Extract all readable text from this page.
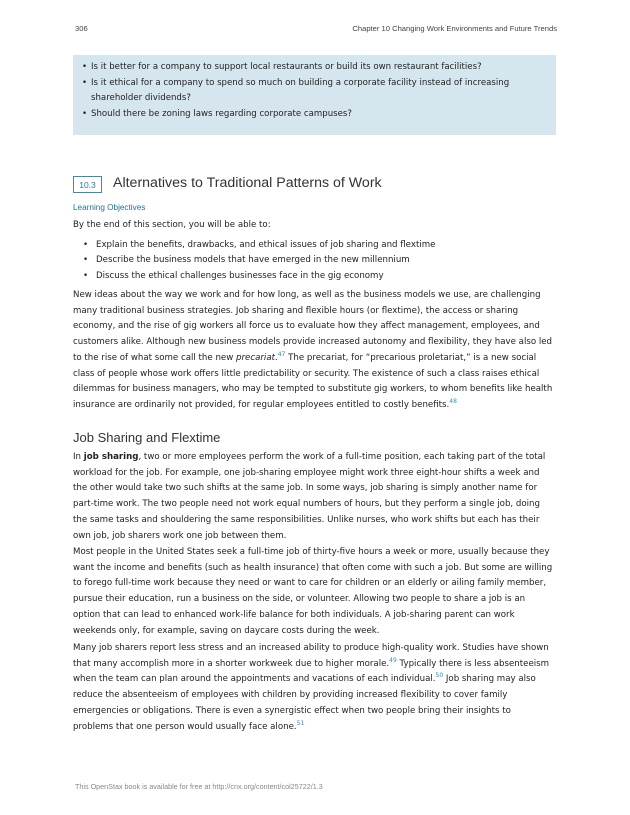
306	Chapter 10 Changing Work Environments and Future Trends
• Is it better for a company to support local restaurants or build its own restaurant facilities?
• Is it ethical for a company to spend so much on building a corporate facility instead of increasing
shareholder dividends?
• Should there be zoning laws regarding corporate campuses?
10.3	Alternatives to Traditional Patterns of Work
Learning Objectives
By the end of this section, you will be able to:
• Explain the benefits, drawbacks, and ethical issues of job sharing and flextime
• Describe the business models that have emerged in the new millennium
• Discuss the ethical challenges businesses face in the gig economy
New ideas about the way we work and for how long, as well as the business models we use, are challenging
many traditional business strategies. Job sharing and flexible hours (or flextime), the access or sharing
economy, and the rise of gig workers all force us to evaluate how they affect management, employees, and
customers alike. Although new business models provide increased autonomy and flexibility, they have also led
to the rise of what some call the new precariat.$^{47}$ The precariat, for “precarious proletariat,” is a new social
class of people whose work offers little predictability or security. The existence of such a class raises ethical
dilemmas for business managers, who may be tempted to substitute gig workers, to whom benefits like health
insurance are ordinarily not provided, for regular employees entitled to costly benefits.$^{48}$
Job Sharing and Flextime
In job sharing, two or more employees perform the work of a full-time position, each taking part of the total
workload for the job. For example, one job-sharing employee might work three eight-hour shifts a week and
the other would take two such shifts at the same job. In some ways, job sharing is simply another name for
part-time work. The two people need not work equal numbers of hours, but they perform a single job, doing
the same tasks and shouldering the same responsibilities. Unlike nurses, who work shifts but each has their
own job, job sharers work one job between them.
Most people in the United States seek a full-time job of thirty-five hours a week or more, usually because they
want the income and benefits (such as health insurance) that often come with such a job. But some are willing
to forego full-time work because they need or want to care for children or an elderly or ailing family member,
pursue their education, run a business on the side, or volunteer. Allowing two people to share a job is an
option that can lead to enhanced work-life balance for both individuals. A job-sharing parent can work
weekends only, for example, saving on daycare costs during the week.
Many job sharers report less stress and an increased ability to produce high-quality work. Studies have shown
that many accomplish more in a shorter workweek due to higher morale.$^{49}$ Typically there is less absenteeism
when the team can plan around the appointments and vacations of each individual.$^{50}$ Job sharing may also
reduce the absenteeism of employees with children by providing increased flexibility to cover family
emergencies or obligations. There is even a synergistic effect when two people bring their insights to
problems that one person would usually face alone.$^{51}$
This OpenStax book is available for free at http://cnx.org/content/col25722/1.3
